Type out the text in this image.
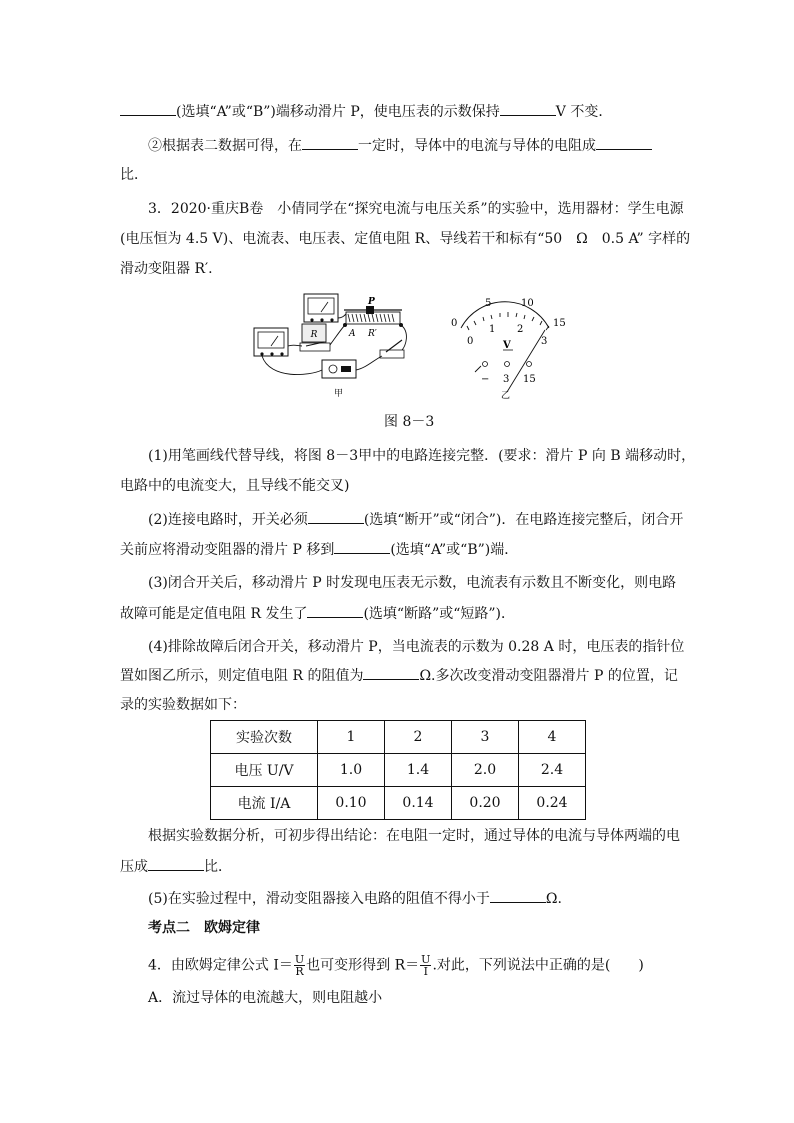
(选填“A”或“B”)端移动滑片 P，使电压表的示数保持	V 不变．
②根据表二数据可得，在	一定时，导体中的电流与导体的电阻成
比．
3．2020·重庆B卷　小倩同学在“探究电流与电压关系”的实验中，选用器材：学生电源
(电压恒为 4.5 V)、电流表、电压表、定值电阻 R、导线若干和标有“50　Ω　0.5 A” 字样的
滑动变阻器 R′.
R
P
A R′
甲
0
5	10
15
0
1 2
3
V
− 3 15
乙
图 8－3
(1)用笔画线代替导线，将图 8－3甲中的电路连接完整．(要求：滑片 P 向 B 端移动时，
电路中的电流变大，且导线不能交叉)
(2)连接电路时，开关必须	(选填“断开”或“闭合”)．在电路连接完整后，闭合开
关前应将滑动变阻器的滑片 P 移到	(选填“A”或“B”)端．
(3)闭合开关后，移动滑片 P 时发现电压表无示数，电流表有示数且不断变化，则电路
故障可能是定值电阻 R 发生了	(选填“断路”或“短路”)．
(4)排除故障后闭合开关，移动滑片 P，当电流表的示数为 0.28 A 时，电压表的指针位
置如图乙所示，则定值电阻 R 的阻值为	Ω.多次改变滑动变阻器滑片 P 的位置，记
录的实验数据如下：
实验次数	1	2	3	4
电压 U/V	1.0	1.4	2.0	2.4
电流 I/A	0.10	0.14	0.20	0.24
根据实验数据分析，可初步得出结论：在电阻一定时，通过导体的电流与导体两端的电
压成	比．
(5)在实验过程中，滑动变阻器接入电路的阻值不得小于	Ω.
考点二　欧姆定律
4．由欧姆定律公式 $I= \frac{U}{R}$ 也可变形得到 $R= \frac{U}{I}$ .对此，下列说法中正确的是(　　)
A．流过导体的电流越大，则电阻越小
